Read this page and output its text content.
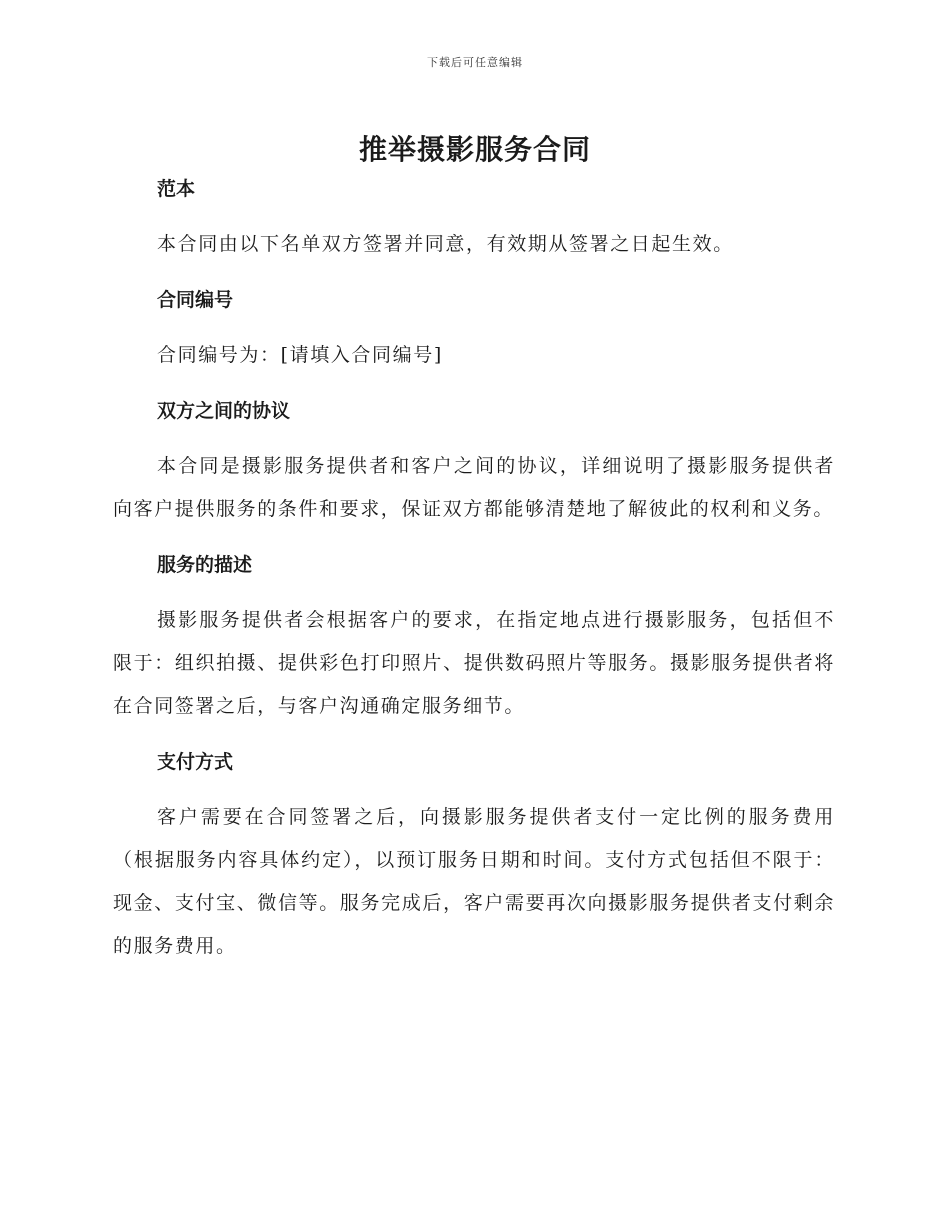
下载后可任意编辑
推举摄影服务合同
范本

本合同由以下名单双方签署并同意，有效期从签署之日起生效。

合同编号

合同编号为：[请填入合同编号]

双方之间的协议

本合同是摄影服务提供者和客户之间的协议，详细说明了摄影服务提供者向客户提供服务的条件和要求，保证双方都能够清楚地了解彼此的权利和义务。

服务的描述

摄影服务提供者会根据客户的要求，在指定地点进行摄影服务，包括但不限于：组织拍摄、提供彩色打印照片、提供数码照片等服务。摄影服务提供者将在合同签署之后，与客户沟通确定服务细节。

支付方式

客户需要在合同签署之后，向摄影服务提供者支付一定比例的服务费用（根据服务内容具体约定），以预订服务日期和时间。支付方式包括但不限于：现金、支付宝、微信等。服务完成后，客户需要再次向摄影服务提供者支付剩余的服务费用。
